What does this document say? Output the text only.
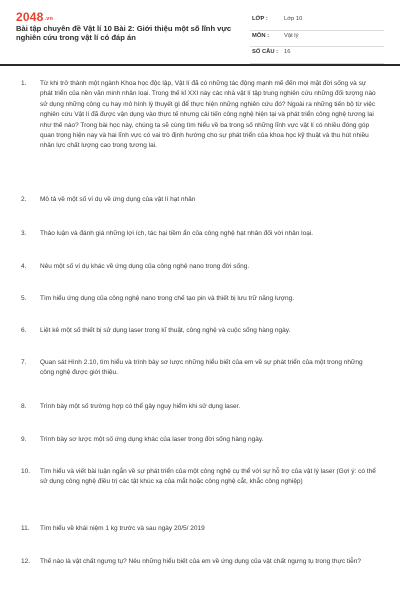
2048.vn
Bài tập chuyên đề Vật lí 10 Bài 2: Giới thiệu một số lĩnh vực nghiên cứu trong vật lí có đáp án
LỚP :	Lớp 10
MÔN :	Vật lý
SỐ CÂU : 16
1. Từ khi trở thành một ngành Khoa học độc lập, Vật lí đã có những tác động mạnh mẽ đến mọi mặt đời sống và sự phát triển của nền văn minh nhân loại. Trong thế kỉ XXI này các nhà vật lí tập trung nghiên cứu những đối tượng nào sử dụng những công cụ hay mô hình lý thuyết gì để thực hiện những nghiên cứu đó? Ngoài ra những tiến bộ từ việc nghiên cứu Vật lí đã được vận dụng vào thực tế nhưng cải tiến công nghệ hiện tại và phát triển công nghệ tương lai như thế nào? Trong bài học này, chúng ta sẽ cùng tìm hiểu về ba trong số những lĩnh vực vật lí có nhiều đóng góp quan trọng hiện nay và hai lĩnh vực có vai trò định hướng cho sự phát triển của khoa học kỹ thuật và thu hút nhiều nhân lực chất lượng cao trong tương lai.
2. Mô tả về một số ví dụ về ứng dụng của vật lí hạt nhân
3. Thảo luận và đánh giá những lợi ích, tác hại tiềm ẩn của công nghệ hạt nhân đối với nhân loại.
4. Nêu một số ví dụ khác về ứng dụng của công nghệ nano trong đời sống.
5. Tìm hiểu ứng dụng của công nghệ nano trong chế tạo pin và thiết bị lưu trữ năng lượng.
6. Liệt kê một số thiết bị sử dụng laser trong kĩ thuật, công nghệ và cuộc sống hàng ngày.
7. Quan sát Hình 2.10, tìm hiểu và trình bày sơ lược những hiểu biết của em về sự phát triển của một trong những công nghệ được giới thiệu.
8. Trình bày một số trường hợp có thể gây nguy hiểm khi sử dụng laser.
9. Trình bày sơ lược một số ứng dụng khác của laser trong đời sống hàng ngày.
10. Tìm hiểu và viết bài luận ngắn về sự phát triển của một công nghệ cụ thể với sự hỗ trợ của vật lý laser (Gợi ý: có thể sử dụng công nghệ điều trị các tật khúc xạ của mắt hoặc công nghệ cắt, khắc công nghiệp)
11. Tìm hiểu về khái niệm 1 kg trước và sau ngày 20/5/ 2019
12. Thế nào là vật chất ngưng tụ? Nêu những hiểu biết của em về ứng dụng của vật chất ngưng tụ trong thực tiễn?
